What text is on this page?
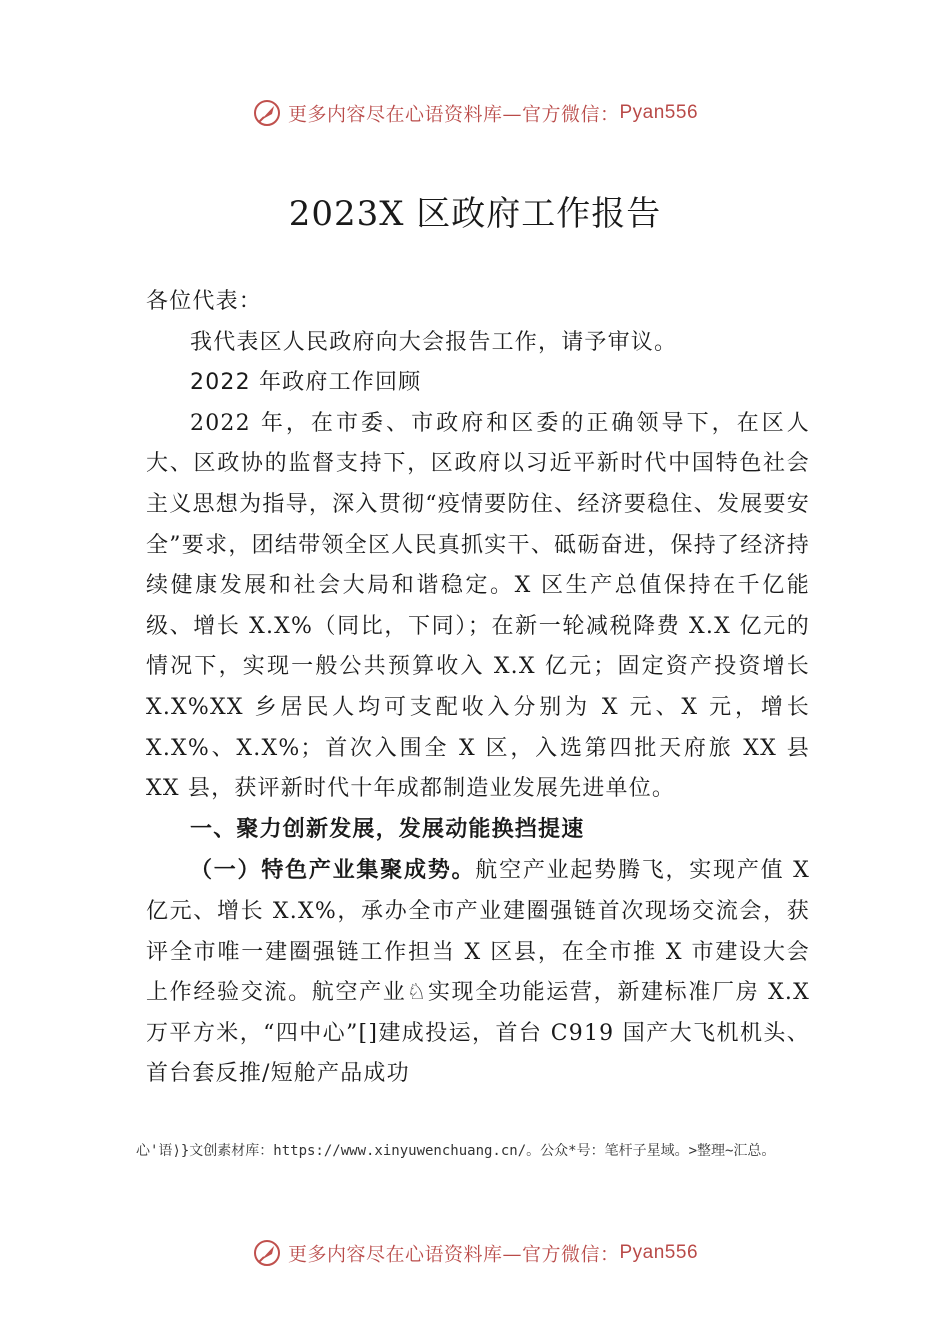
更多内容尽在心语资料库—官方微信：Pyan556
2023X 区政府工作报告

各位代表：

我代表区人民政府向大会报告工作，请予审议。

2022 年政府工作回顾

2022 年，在市委、市政府和区委的正确领导下，在区人大、区政协的监督支持下，区政府以习近平新时代中国特色社会主义思想为指导，深入贯彻“疫情要防住、经济要稳住、发展要安全”要求，团结带领全区人民真抓实干、砥砺奋进，保持了经济持续健康发展和社会大局和谐稳定。X 区生产总值保持在千亿能级、增长 X.X%（同比，下同）；在新一轮减税降费 X.X 亿元的情况下，实现一般公共预算收入 X.X 亿元；固定资产投资增长 X.X%XX 乡居民人均可支配收入分别为 X 元、X 元，增长 X.X%、X.X%；首次入围全 X 区，入选第四批天府旅 XX 县 XX 县，获评新时代十年成都制造业发展先进单位。

一、聚力创新发展，发展动能换挡提速

（一）特色产业集聚成势。航空产业起势腾飞，实现产值 X 亿元、增长 X.X%，承办全市产业建圈强链首次现场交流会，获评全市唯一建圈强链工作担当 X 区县，在全市推 X 市建设大会上作经验交流。航空产业♘实现全功能运营，新建标准厂房 X.X 万平方米，“四中心”[]建成投运，首台 C919 国产大飞机机头、首台套反推/短舱产品成功

心'语⟩}文创素材库：https://www.xinyuwenchuang.cn/。公众*号：笔杆子星域。>整理~汇总。
更多内容尽在心语资料库—官方微信：Pyan556
